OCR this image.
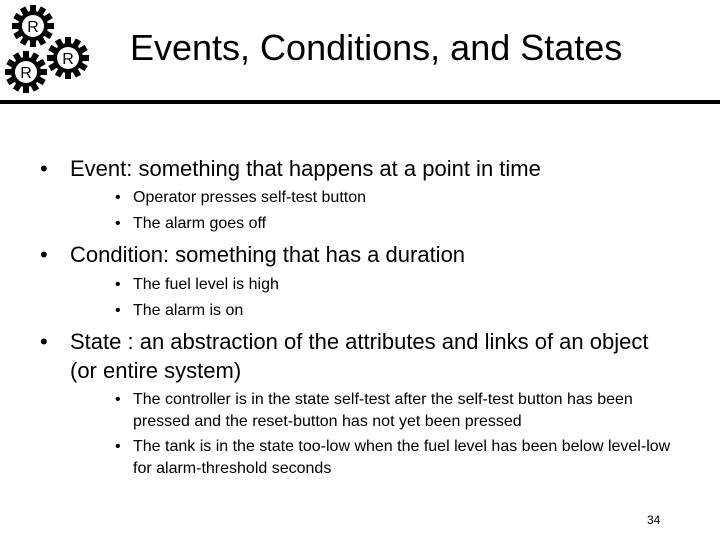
R
R
R Events, Conditions, and States
• Event: something that happens at a point in time
• Operator presses self-test button
• The alarm goes off
• Condition: something that has a duration
• The fuel level is high
• The alarm is on
• State : an abstraction of the attributes and links of an object (or entire system)
• The controller is in the state self-test after the self-test button has been pressed and the reset-button has not yet been pressed
• The tank is in the state too-low when the fuel level has been below level-low for alarm-threshold seconds
34
